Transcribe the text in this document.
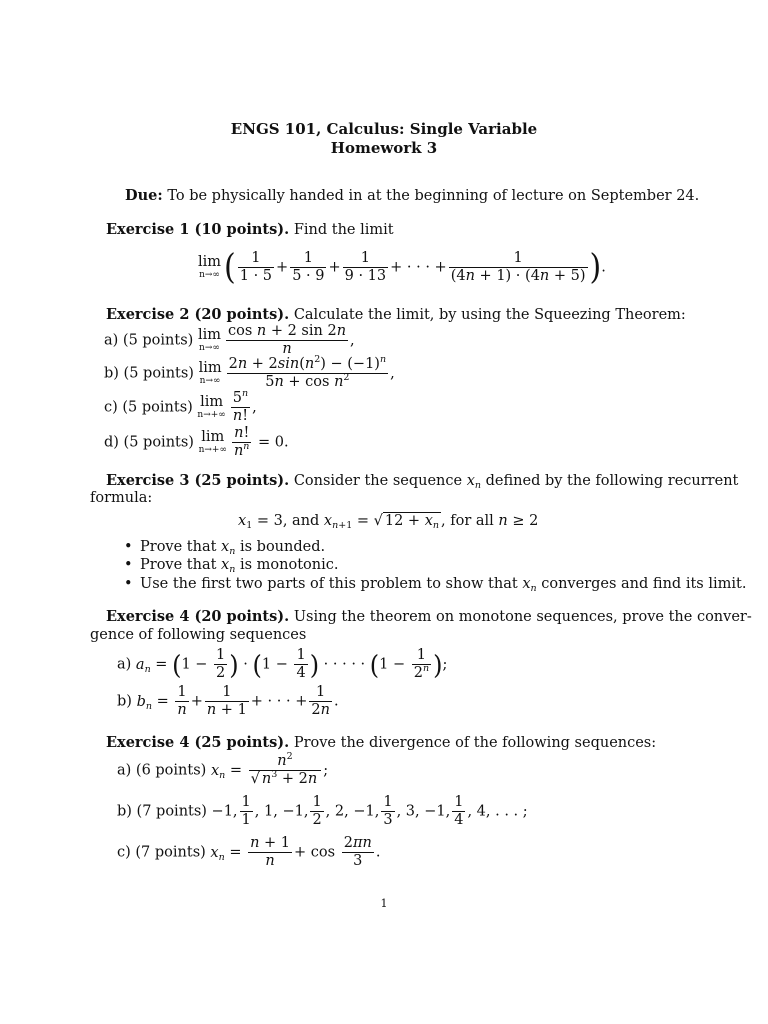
ENGS 101, Calculus: Single Variable
Homework 3
Due: To be physically handed in at the beginning of lecture on September 24.
Exercise 1 (10 points). Find the limit
lim
n→∞ ( $\frac{1}{1 \cdot 5} + \frac{1}{5 \cdot 9} + \frac{1}{9 \cdot 13}$ + · · · + $\frac{1}{(4n + 1) \cdot (4n + 5)}$ ).
Exercise 2 (20 points). Calculate the limit, by using the Squeezing Theorem:
a) (5 points) lim
$n\to\infty \frac{\text{cos n + 2 sin 2n}}{n}$ ,
b) (5 points) lim
$n\to\infty \frac{2n + 2\sin(n^2) - (-1)^n}{5n + \cos n^2}$ ,
c) (5 points) lim
$n\to+\infty \frac{5^n}{n!}$ ,
d) (5 points) lim
$n\to+\infty \frac{n!}{n^n} = 0$.
Exercise 3 (25 points). Consider the sequence $x_n$ defined by the following recurrent
formula:
$x_1 = 3$, and $x_{n+1}$ = √ $12 + x_n$ , for all n ≥ 2
• Prove that $x_n$ is bounded.
• Prove that $x_n$ is monotonic.
• Use the first two parts of this problem to show that $x_n$ converges and find its limit.
Exercise 4 (20 points). Using the theorem on monotone sequences, prove the conver-
gence of following sequences
a) $a_n = (1 - \frac{1}{2}$ ) · ($1 - \frac{1}{4}$ ) · · · · · ($1 - \frac{1}{2^n}$ );
b) $b_n = \frac{1}{n} + \frac{1}{n + 1}$ + · · · + $\frac{1}{2n}$ .
Exercise 4 (25 points). Prove the divergence of the following sequences:
a) (6 points) $x_n = \frac{n^2}{√ n^3 + 2n}$ ;
b) (7 points) −1, $\frac{1}{1}$ , 1, −1, $\frac{1}{2}$ , 2, −1, $\frac{1}{3}$ , 3, −1, $\frac{1}{4}$ , 4, . . . ;
c) (7 points) $x_n = \frac{n + 1}{n} + \cos \frac{2\pi n}{3}$ .
1
